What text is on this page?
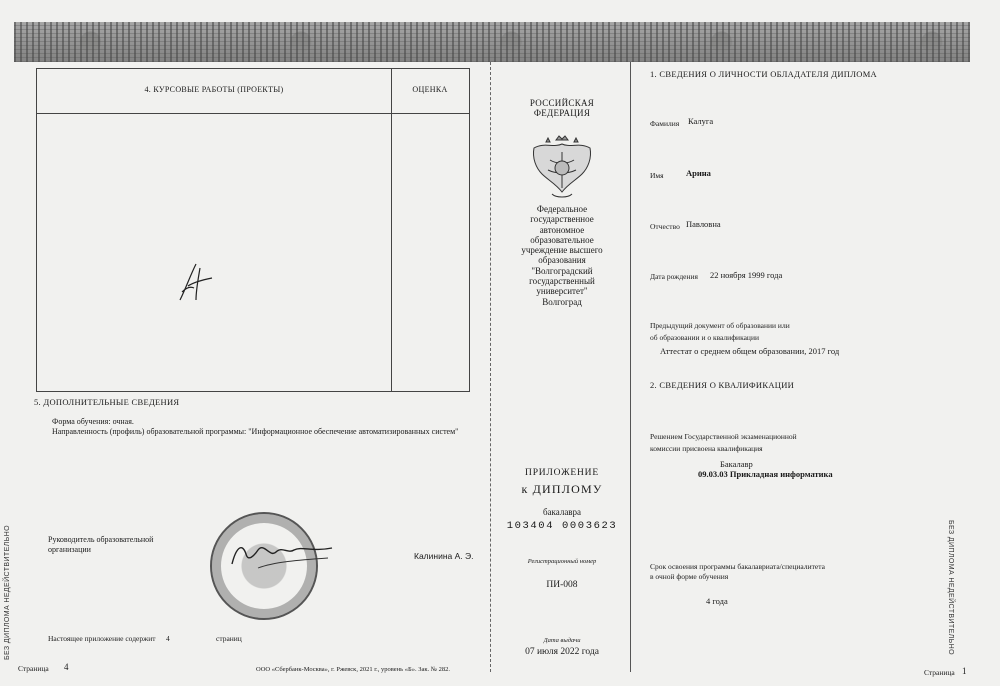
БЕЗ ДИПЛОМА НЕДЕЙСТВИТЕЛЬНО	БЕЗ ДИПЛОМА НЕДЕЙСТВИТЕЛЬНО
4. КУРСОВЫЕ РАБОТЫ (ПРОЕКТЫ)	ОЦЕНКА
5. ДОПОЛНИТЕЛЬНЫЕ СВЕДЕНИЯ
Форма обучения: очная.
Направленность (профиль) образовательной программы: "Информационное обеспечение автоматизированных систем"
Руководитель образовательной
организации
Калинина А. Э.
Настоящее приложение содержит 4	страниц
Страница 4	ООО «Сбербанк-Москва», г. Ржевск, 2021 г., уровень «Б». Зак. № 282.
РОССИЙСКАЯ
ФЕДЕРАЦИЯ
Федеральное
государственное
автономное
образовательное
учреждение высшего
образования
"Волгоградский
государственный
университет"
Волгоград
ПРИЛОЖЕНИЕ
к ДИПЛОМУ
бакалавра
103404 0003623
Регистрационный номер
ПИ-008
Дата выдачи
07 июля 2022 года
1. СВЕДЕНИЯ О ЛИЧНОСТИ ОБЛАДАТЕЛЯ ДИПЛОМА
Фамилия Калуга
Имя	Арина
Отчество Павловна
Дата рождения 22 ноября 1999 года
Предыдущий документ об образовании или
об образовании и о квалификации
Аттестат о среднем общем образовании, 2017 год
2. СВЕДЕНИЯ О КВАЛИФИКАЦИИ
Решением Государственной экзаменационной
комиссии присвоена квалификация
Бакалавр
09.03.03 Прикладная информатика
Срок освоения программы бакалавриата/специалитета
в очной форме обучения
4 года
Страница 1
